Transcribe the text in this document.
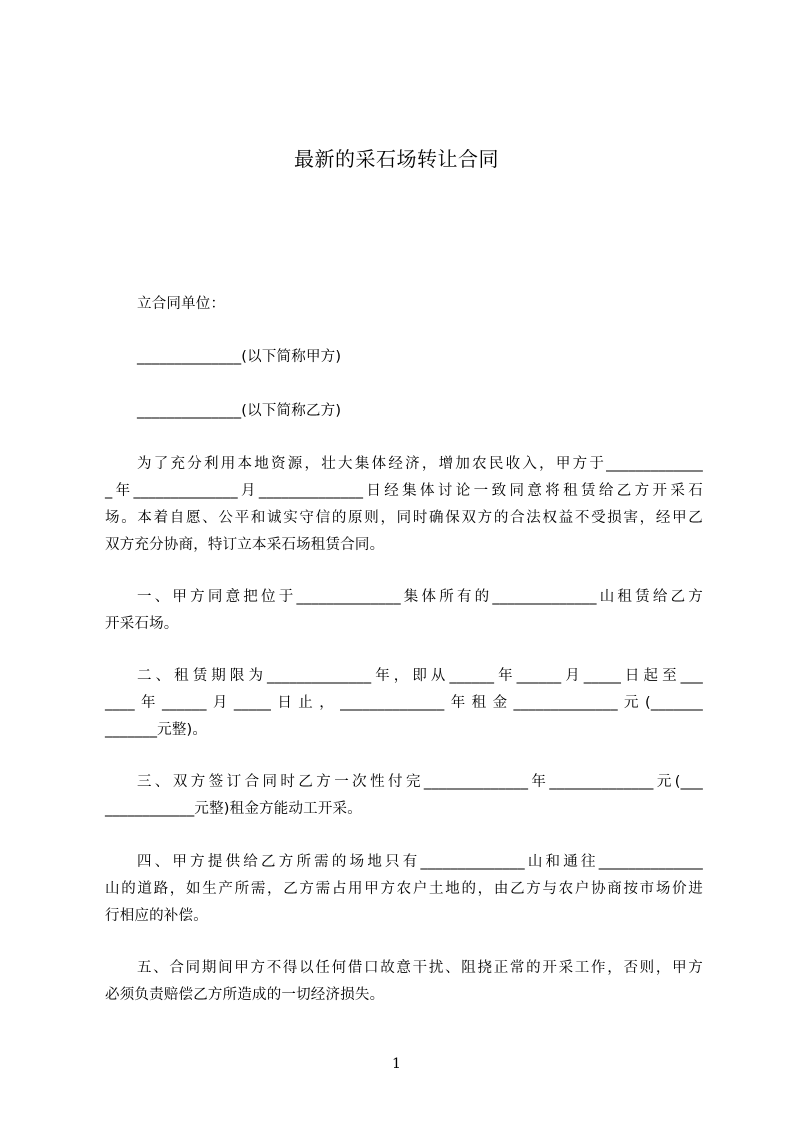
最新的采石场转让合同
立合同单位：
______________(以下简称甲方)
______________(以下简称乙方)
为了充分利用本地资源，壮大集体经济，增加农民收入，甲方于_____________
_年______________月______________日经集体讨论一致同意将租赁给乙方开采石
场。本着自愿、公平和诚实守信的原则，同时确保双方的合法权益不受损害，经甲乙
双方充分协商，特订立本采石场租赁合同。
一、甲方同意把位于______________集体所有的______________山租赁给乙方
开采石场。
二、租赁期限为______________年，即从______年______月_____日起至___
____年______月_____日止，______________年租金______________元(_______
_______元整)。
三、双方签订合同时乙方一次性付完______________年______________元(___
____________元整)租金方能动工开采。
四、甲方提供给乙方所需的场地只有______________山和通往______________
山的道路，如生产所需，乙方需占用甲方农户土地的，由乙方与农户协商按市场价进
行相应的补偿。
五、合同期间甲方不得以任何借口故意干扰、阻挠正常的开采工作，否则，甲方
必须负责赔偿乙方所造成的一切经济损失。
1
